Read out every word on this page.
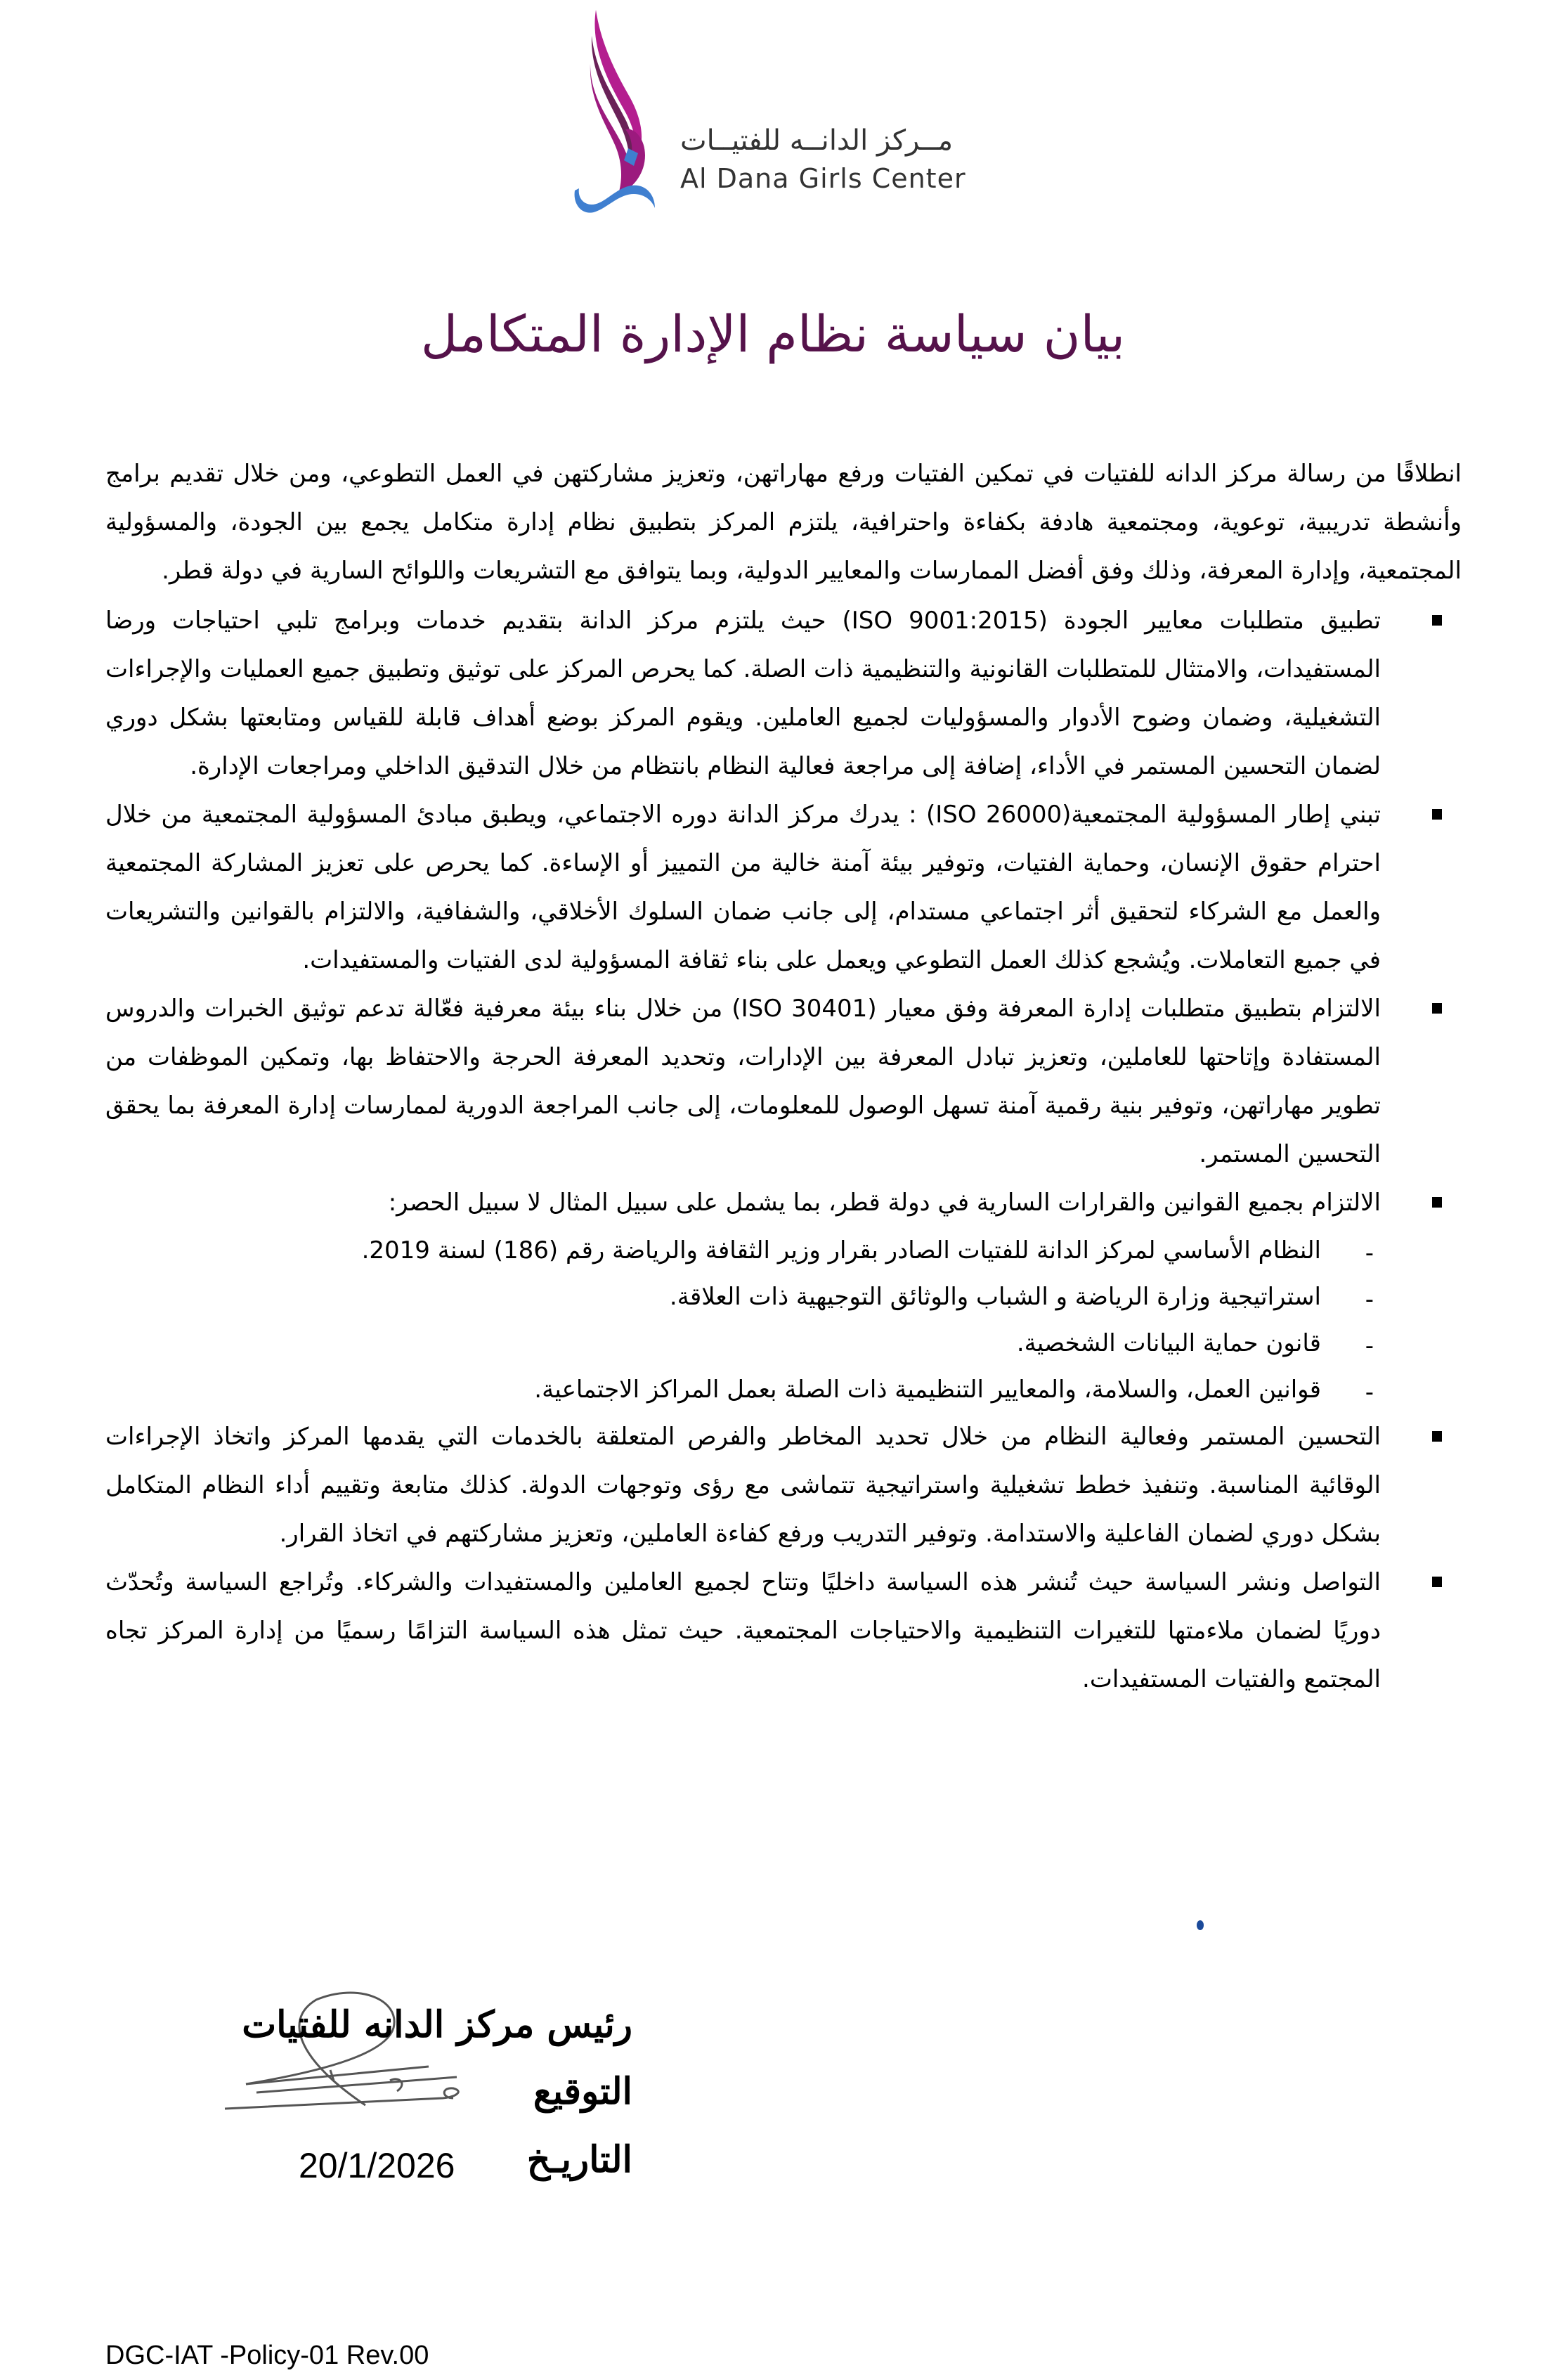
مــركز الدانــه للفتيــات
Al Dana Girls Center
بيان سياسة نظام الإدارة المتكامل

انطلاقًا من رسالة مركز الدانه للفتيات في تمكين الفتيات ورفع مهاراتهن، وتعزيز مشاركتهن في العمل التطوعي، ومن خلال تقديم برامج وأنشطة تدريبية، توعوية، ومجتمعية هادفة بكفاءة واحترافية، يلتزم المركز بتطبيق نظام إدارة متكامل يجمع بين الجودة، والمسؤولية المجتمعية، وإدارة المعرفة، وذلك وفق أفضل الممارسات والمعايير الدولية، وبما يتوافق مع التشريعات واللوائح السارية في دولة قطر.

تطبيق متطلبات معايير الجودة (ISO 9001:2015) حيث يلتزم مركز الدانة بتقديم خدمات وبرامج تلبي احتياجات ورضا المستفيدات، والامتثال للمتطلبات القانونية والتنظيمية ذات الصلة. كما يحرص المركز على توثيق وتطبيق جميع العمليات والإجراءات التشغيلية، وضمان وضوح الأدوار والمسؤوليات لجميع العاملين. ويقوم المركز بوضع أهداف قابلة للقياس ومتابعتها بشكل دوري لضمان التحسين المستمر في الأداء، إضافة إلى مراجعة فعالية النظام بانتظام من خلال التدقيق الداخلي ومراجعات الإدارة.
تبني إطار المسؤولية المجتمعية(ISO 26000) : يدرك مركز الدانة دوره الاجتماعي، ويطبق مبادئ المسؤولية المجتمعية من خلال احترام حقوق الإنسان، وحماية الفتيات، وتوفير بيئة آمنة خالية من التمييز أو الإساءة. كما يحرص على تعزيز المشاركة المجتمعية والعمل مع الشركاء لتحقيق أثر اجتماعي مستدام، إلى جانب ضمان السلوك الأخلاقي، والشفافية، والالتزام بالقوانين والتشريعات في جميع التعاملات. ويُشجع كذلك العمل التطوعي ويعمل على بناء ثقافة المسؤولية لدى الفتيات والمستفيدات.
الالتزام بتطبيق متطلبات إدارة المعرفة وفق معيار (ISO 30401) من خلال بناء بيئة معرفية فعّالة تدعم توثيق الخبرات والدروس المستفادة وإتاحتها للعاملين، وتعزيز تبادل المعرفة بين الإدارات، وتحديد المعرفة الحرجة والاحتفاظ بها، وتمكين الموظفات من تطوير مهاراتهن، وتوفير بنية رقمية آمنة تسهل الوصول للمعلومات، إلى جانب المراجعة الدورية لممارسات إدارة المعرفة بما يحقق التحسين المستمر.
الالتزام بجميع القوانين والقرارات السارية في دولة قطر، بما يشمل على سبيل المثال لا سبيل الحصر:
-
النظام الأساسي لمركز الدانة للفتيات الصادر بقرار وزير الثقافة والرياضة رقم (186) لسنة 2019.
-
استراتيجية وزارة الرياضة و الشباب والوثائق التوجيهية ذات العلاقة.
-
قانون حماية البيانات الشخصية.
-
قوانين العمل، والسلامة، والمعايير التنظيمية ذات الصلة بعمل المراكز الاجتماعية.
التحسين المستمر وفعالية النظام من خلال تحديد المخاطر والفرص المتعلقة بالخدمات التي يقدمها المركز واتخاذ الإجراءات الوقائية المناسبة. وتنفيذ خطط تشغيلية واستراتيجية تتماشى مع رؤى وتوجهات الدولة. كذلك متابعة وتقييم أداء النظام المتكامل بشكل دوري لضمان الفاعلية والاستدامة. وتوفير التدريب ورفع كفاءة العاملين، وتعزيز مشاركتهم في اتخاذ القرار.
التواصل ونشر السياسة حيث تُنشر هذه السياسة داخليًا وتتاح لجميع العاملين والمستفيدات والشركاء. وتُراجع السياسة وتُحدّث دوريًا لضمان ملاءمتها للتغيرات التنظيمية والاحتياجات المجتمعية. حيث تمثل هذه السياسة التزامًا رسميًا من إدارة المركز تجاه المجتمع والفتيات المستفيدات.
رئيس مركز الدانه للفتيات
التوقيع
التاريـخ
20/1/2026
DGC-IAT -Policy-01 Rev.00
